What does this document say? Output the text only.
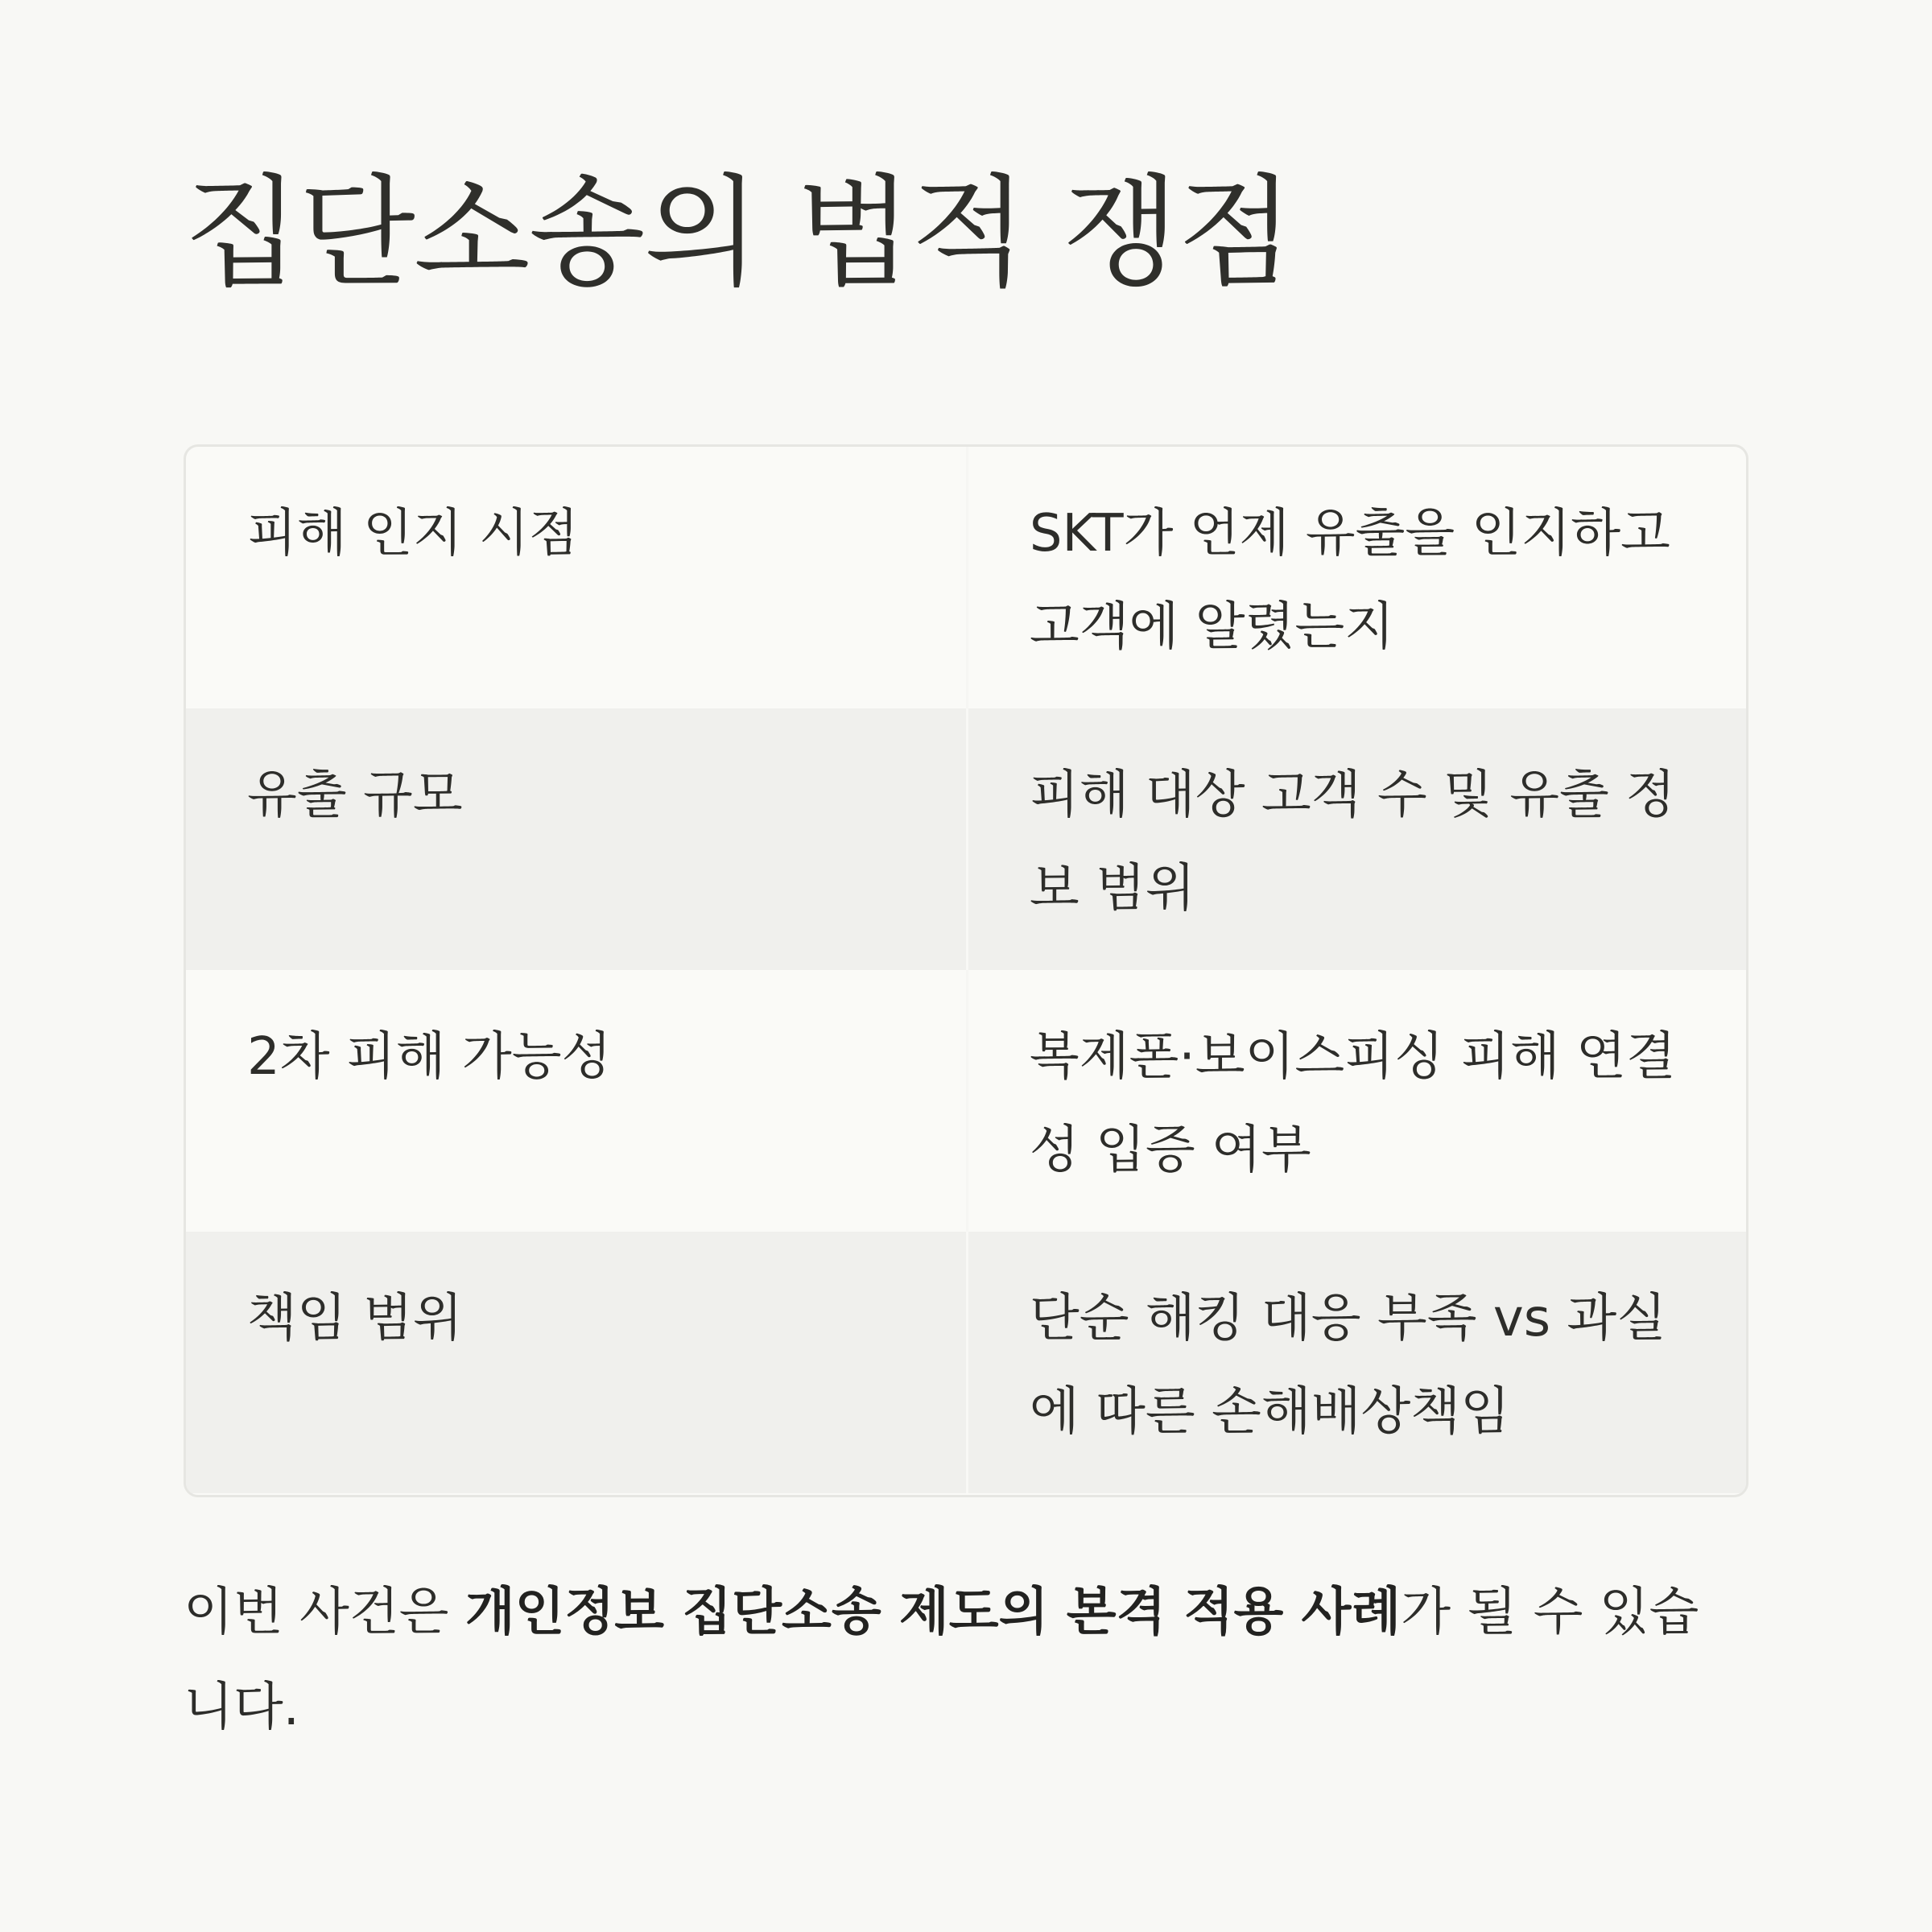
집단소송의 법적 쟁점
피해 인지 시점	SKT가 언제 유출을 인지하고 고객에 알렸는지
유출 규모	피해 대상 고객 수 및 유출 정보 범위
2차 피해 가능성	복제폰·보이스피싱 피해 연결성 입증 여부
책임 범위	단순 해킹 대응 부족 vs 과실에 따른 손해배상책임

이번 사건은 개인정보 집단소송 제도의 본격 적용 사례가 될 수 있습니다.
